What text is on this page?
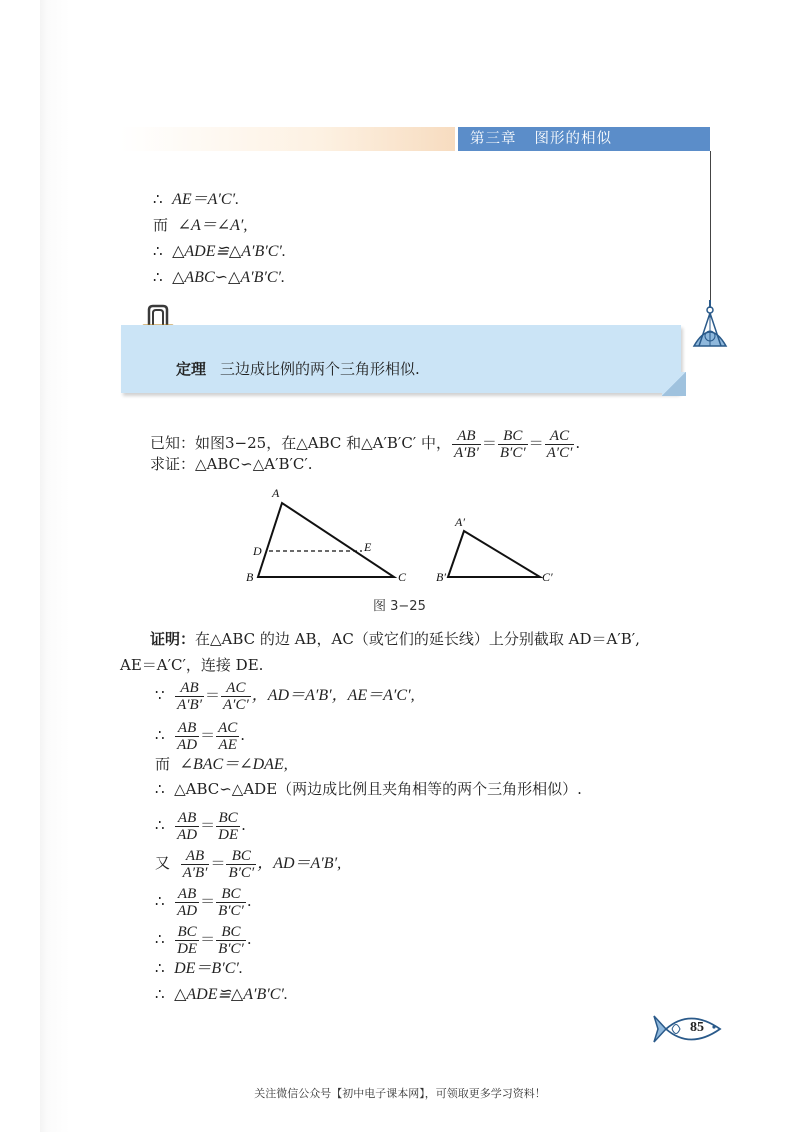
第三章 图形的相似
∴ AE＝A′C′.
而 ∠A＝∠A′,
∴ △ADE≌△A′B′C′.
∴ △ABC∽△A′B′C′.
定理 三边成比例的两个三角形相似.
已知：如图3−25，在△ABC 和△A′B′C′ 中， $\frac{AB}{A'B'} = \frac{BC}{B'C'} = \frac{AC}{A'C'}$ .
求证：△ABC∽△A′B′C′.
A
B	C
D	E
A′
B′	C′
图 3−25
证明：在△ABC 的边 AB，AC（或它们的延长线）上分别截取 AD＝A′B′,
AE＝A′C′，连接 DE.
∵ $\frac{AB}{A'B'} = \frac{AC}{A'C'}$ ，AD＝A′B′，AE＝A′C′,
∴ $\frac{AB}{AD} = \frac{AC}{AE}$ .
而 ∠BAC＝∠DAE,
∴ △ABC∽△ADE（两边成比例且夹角相等的两个三角形相似）.
∴ $\frac{AB}{AD} = \frac{BC}{DE}$ .
又 $\frac{AB}{A'B'} = \frac{BC}{B'C'}$ ，AD＝A′B′,
∴ $\frac{AB}{AD} = \frac{BC}{B'C'}$ .
∴ $\frac{BC}{DE} = \frac{BC}{B'C'}$ .
∴ DE＝B′C′.
∴ △ADE≌△A′B′C′.
85
关注微信公众号【初中电子课本网】，可领取更多学习资料！
